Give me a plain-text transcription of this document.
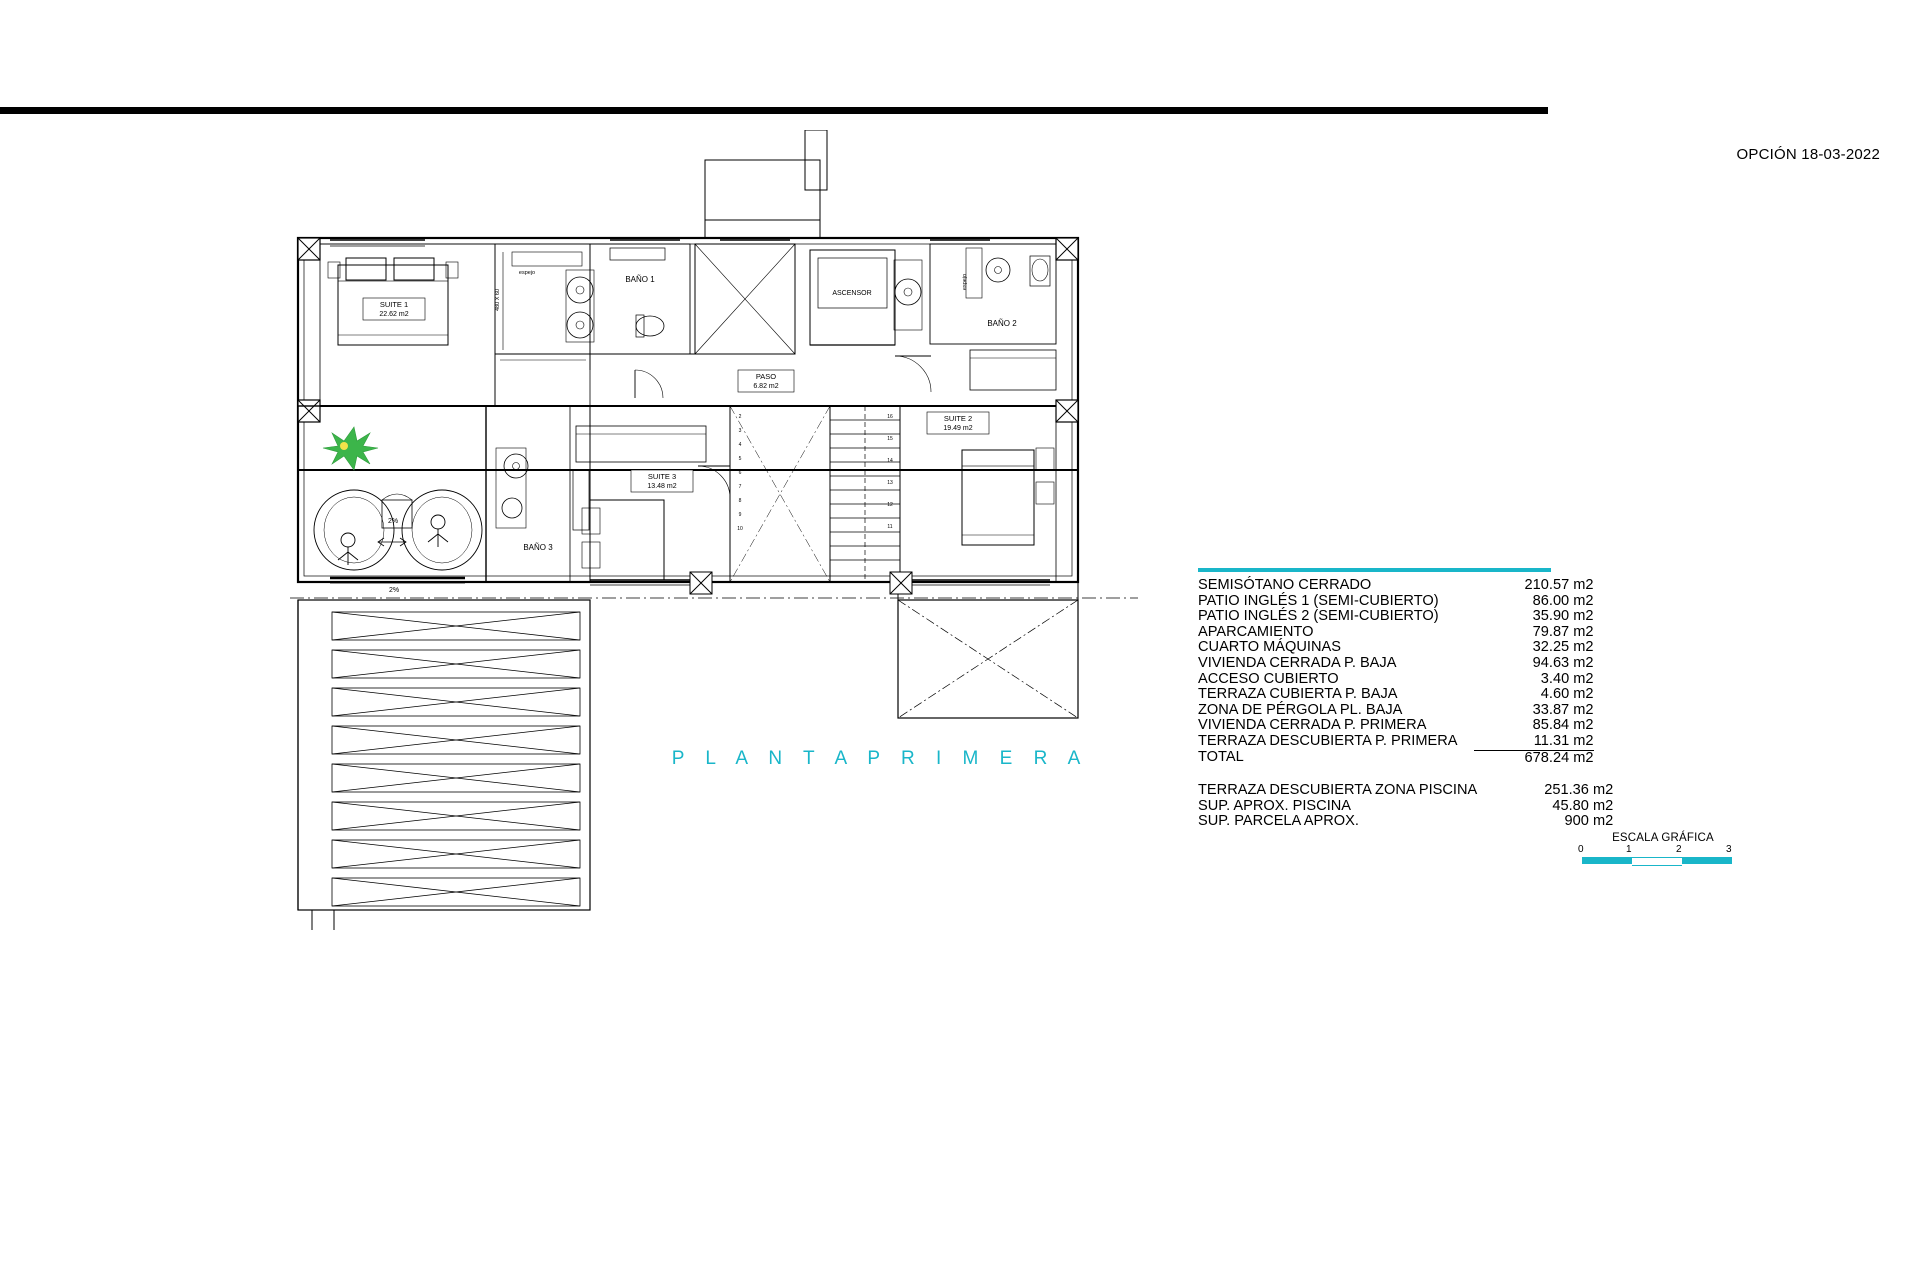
OPCIÓN 18-03-2022
SUITE 1
22.62 m2
SUITE 2
19.49 m2
SUITE 3
13.48 m2
PASO
6.82 m2
BAÑO 1
BAÑO 2
BAÑO 3
ASCENSOR
espejo
espejo
480 X 60
2%
2%
2
3
4
5
6
7
8
9
10
16
15
14
13
12
11
P L A N T A P R I M E R A
SEMISÓTANO CERRADO	210.57 m2
PATIO INGLÉS 1 (SEMI-CUBIERTO)	86.00 m2
PATIO INGLÉS 2 (SEMI-CUBIERTO)	35.90 m2
APARCAMIENTO	79.87 m2
CUARTO MÁQUINAS	32.25 m2
VIVIENDA CERRADA P. BAJA	94.63 m2
ACCESO CUBIERTO	3.40 m2
TERRAZA CUBIERTA P. BAJA	4.60 m2
ZONA DE PÉRGOLA PL. BAJA	33.87 m2
VIVIENDA CERRADA P. PRIMERA	85.84 m2
TERRAZA DESCUBIERTA P. PRIMERA	11.31 m2
TOTAL	678.24 m2
TERRAZA DESCUBIERTA ZONA PISCINA	251.36 m2
SUP. APROX. PISCINA	45.80 m2
SUP. PARCELA APROX.	900 m2
ESCALA GRÁFICA
0	1	2	3
